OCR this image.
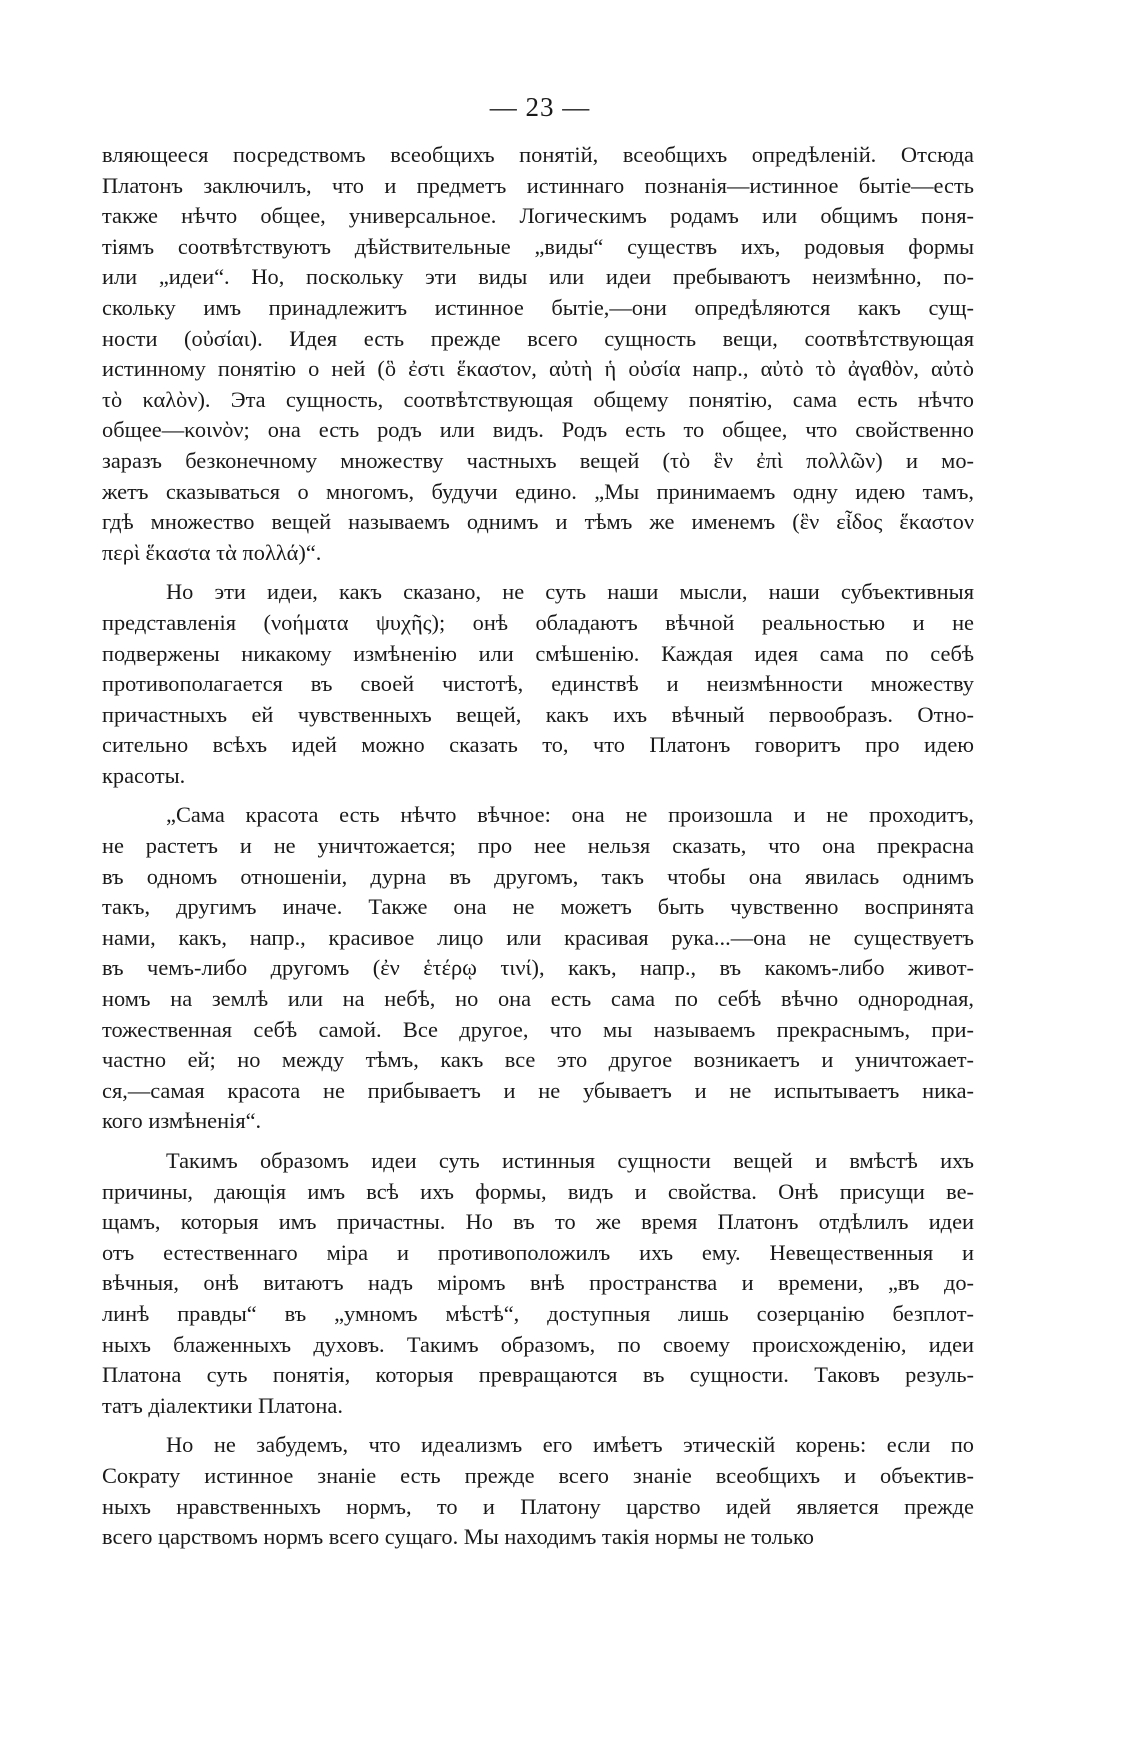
— 23 —
вляющееся посредствомъ всеобщихъ понятій, всеобщихъ опредѣленій. Отсюда
Платонъ заключилъ, что и предметъ истиннаго познанія—истинное бытіе—есть
также нѣчто общее, универсальное. Логическимъ родамъ или общимъ поня-
тіямъ соотвѣтствуютъ дѣйствительные „виды“ существъ ихъ, родовыя формы
или „идеи“. Но, поскольку эти виды или идеи пребываютъ неизмѣнно, по-
скольку имъ принадлежитъ истинное бытіе,—они опредѣляются какъ сущ-
ности (οὐσίαι). Идея есть прежде всего сущность вещи, соотвѣтствующая
истинному понятію о ней (ὃ ἐστι ἕκαστον, αὐτὴ ἡ οὐσία напр., αὐτὸ τὸ ἀγαθὸν, αὐτὸ
τὸ καλὸν). Эта сущность, соотвѣтствующая общему понятію, сама есть нѣчто
общее—κοινὸν; она есть родъ или видъ. Родъ есть то общее, что свойственно
заразъ безконечному множеству частныхъ вещей (τὸ ἓν ἐπὶ πολλῶν) и мо-
жетъ сказываться о многомъ, будучи едино. „Мы принимаемъ одну идею тамъ,
гдѣ множество вещей называемъ однимъ и тѣмъ же именемъ (ἓν εἶδος ἕκαστον
περὶ ἕκαστα τὰ πολλά)“.
Но эти идеи, какъ сказано, не суть наши мысли, наши субъективныя
представленія (νοήματα ψυχῆς); онѣ обладаютъ вѣчной реальностью и не
подвержены никакому измѣненію или смѣшенію. Каждая идея сама по себѣ
противополагается въ своей чистотѣ, единствѣ и неизмѣнности множеству
причастныхъ ей чувственныхъ вещей, какъ ихъ вѣчный первообразъ. Отно-
сительно всѣхъ идей можно сказать то, что Платонъ говоритъ про идею
красоты.
„Сама красота есть нѣчто вѣчное: она не произошла и не проходитъ,
не растетъ и не уничтожается; про нее нельзя сказать, что она прекрасна
въ одномъ отношеніи, дурна въ другомъ, такъ чтобы она явилась однимъ
такъ, другимъ иначе. Также она не можетъ быть чувственно воспринята
нами, какъ, напр., красивое лицо или красивая рука...—она не существуетъ
въ чемъ-либо другомъ (ἐν ἑτέρῳ τινί), какъ, напр., въ какомъ-либо живот-
номъ на землѣ или на небѣ, но она есть сама по себѣ вѣчно однородная,
тожественная себѣ самой. Все другое, что мы называемъ прекраснымъ, при-
частно ей; но между тѣмъ, какъ все это другое возникаетъ и уничтожает-
ся,—самая красота не прибываетъ и не убываетъ и не испытываетъ ника-
кого измѣненія“.
Такимъ образомъ идеи суть истинныя сущности вещей и вмѣстѣ ихъ
причины, дающія имъ всѣ ихъ формы, видъ и свойства. Онѣ присущи ве-
щамъ, которыя имъ причастны. Но въ то же время Платонъ отдѣлилъ идеи
отъ естественнаго міра и противоположилъ ихъ ему. Невещественныя и
вѣчныя, онѣ витаютъ надъ міромъ внѣ пространства и времени, „въ до-
линѣ правды“ въ „умномъ мѣстѣ“, доступныя лишь созерцанію безплот-
ныхъ блаженныхъ духовъ. Такимъ образомъ, по своему происхожденію, идеи
Платона суть понятія, которыя превращаются въ сущности. Таковъ резуль-
татъ діалектики Платона.
Но не забудемъ, что идеализмъ его имѣетъ этическій корень: если по
Сократу истинное знаніе есть прежде всего знаніе всеобщихъ и объектив-
ныхъ нравственныхъ нормъ, то и Платону царство идей является прежде
всего царствомъ нормъ всего сущаго. Мы находимъ такія нормы не только
